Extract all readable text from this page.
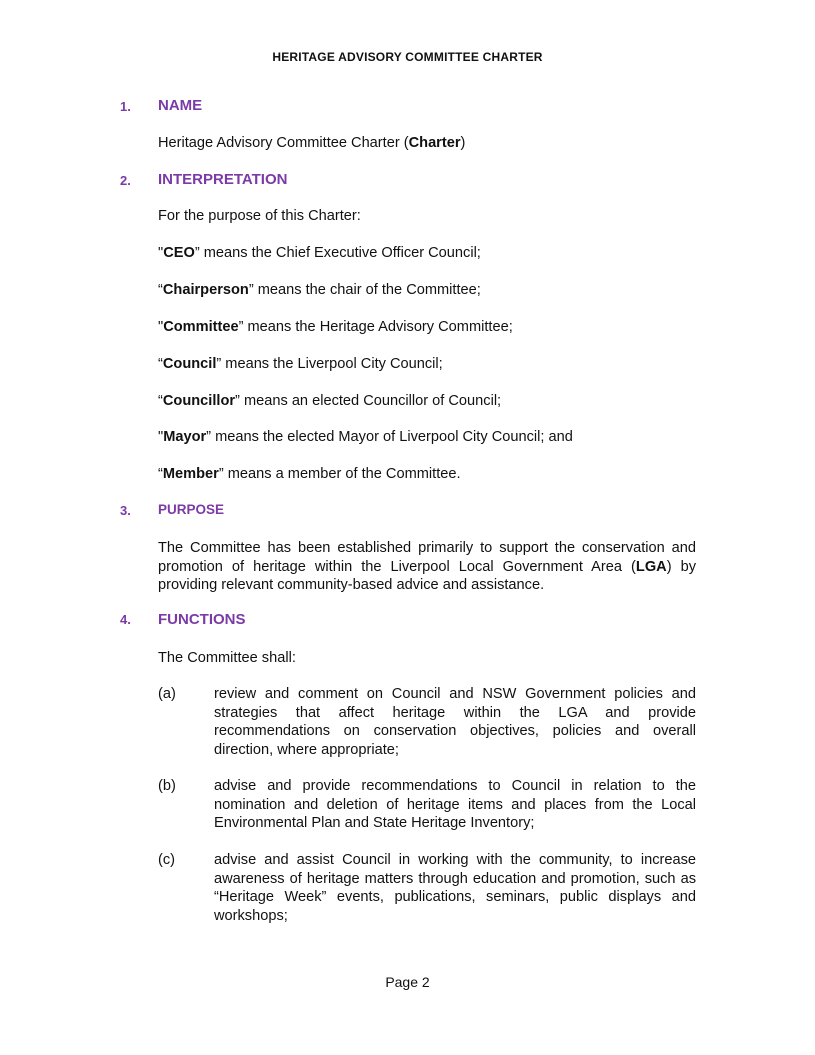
HERITAGE ADVISORY COMMITTEE CHARTER
1. NAME
Heritage Advisory Committee Charter (Charter)
2. INTERPRETATION
For the purpose of this Charter:
"CEO” means the Chief Executive Officer Council;
“Chairperson” means the chair of the Committee;
"Committee” means the Heritage Advisory Committee;
“Council” means the Liverpool City Council;
“Councillor” means an elected Councillor of Council;
"Mayor” means the elected Mayor of Liverpool City Council; and
“Member” means a member of the Committee.
3. PURPOSE
The Committee has been established primarily to support the conservation and promotion of heritage within the Liverpool Local Government Area (LGA) by providing relevant community-based advice and assistance.
4. FUNCTIONS
The Committee shall:
(a)	review and comment on Council and NSW Government policies and strategies that affect heritage within the LGA and provide recommendations on conservation objectives, policies and overall direction, where appropriate;
(b)	advise and provide recommendations to Council in relation to the nomination and deletion of heritage items and places from the Local Environmental Plan and State Heritage Inventory;
(c)	advise and assist Council in working with the community, to increase awareness of heritage matters through education and promotion, such as “Heritage Week” events, publications, seminars, public displays and workshops;
Page 2
